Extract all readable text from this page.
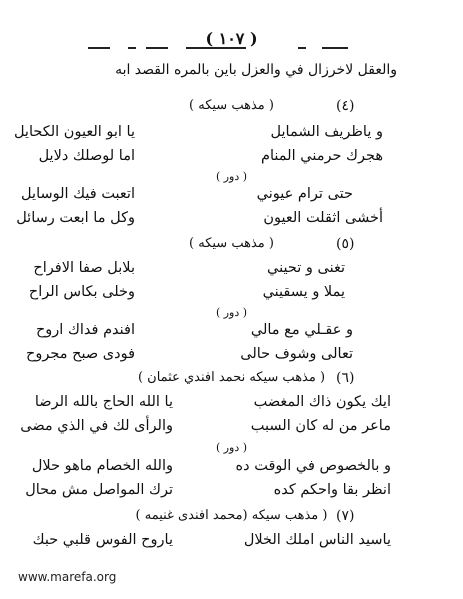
( ١٠٧ )
والعقل لاخرزال في والعزل باين بالمره القصد ابه
(٤)
( مذهب سيكه )
يا ابو العيون الكحايل	و ياظريف الشمايل
اما لوصلك دلايل	هجرك حرمني المنام
( دور )
اتعبت فيك الوسايل	حتى ترام عيوني
وكل ما ابعت رسائل	أخشى اثقلت العيون
(٥)
( مذهب سيكه )
بلابل صفا الافراح	تغنى و تحيني
وخلى بكاس الراح	يملا و يسقيني
( دور )
افندم فداك اروح	و عقـلي مع مالي
فودى صبح مجروح	تعالى وشوف حالى
(٦)
( مذهب سيكه نحمد افندي عثمان )
يا الله الحاج بالله الرضا	ايك يكون ذاك المغضب
والرأى لك في الذي مضى	ماعر من له كان السبب
( دور )
والله الخصام ماهو حلال	و بالخصوص في الوقت ده
ترك المواصل مش محال	انظر بقا واحكم كده
(٧)
( مذهب سيكه (محمد افندى غنيمه )
ياروح الفوس قلبي حبك	ياسيد الناس املك الخلال
www.marefa.org
